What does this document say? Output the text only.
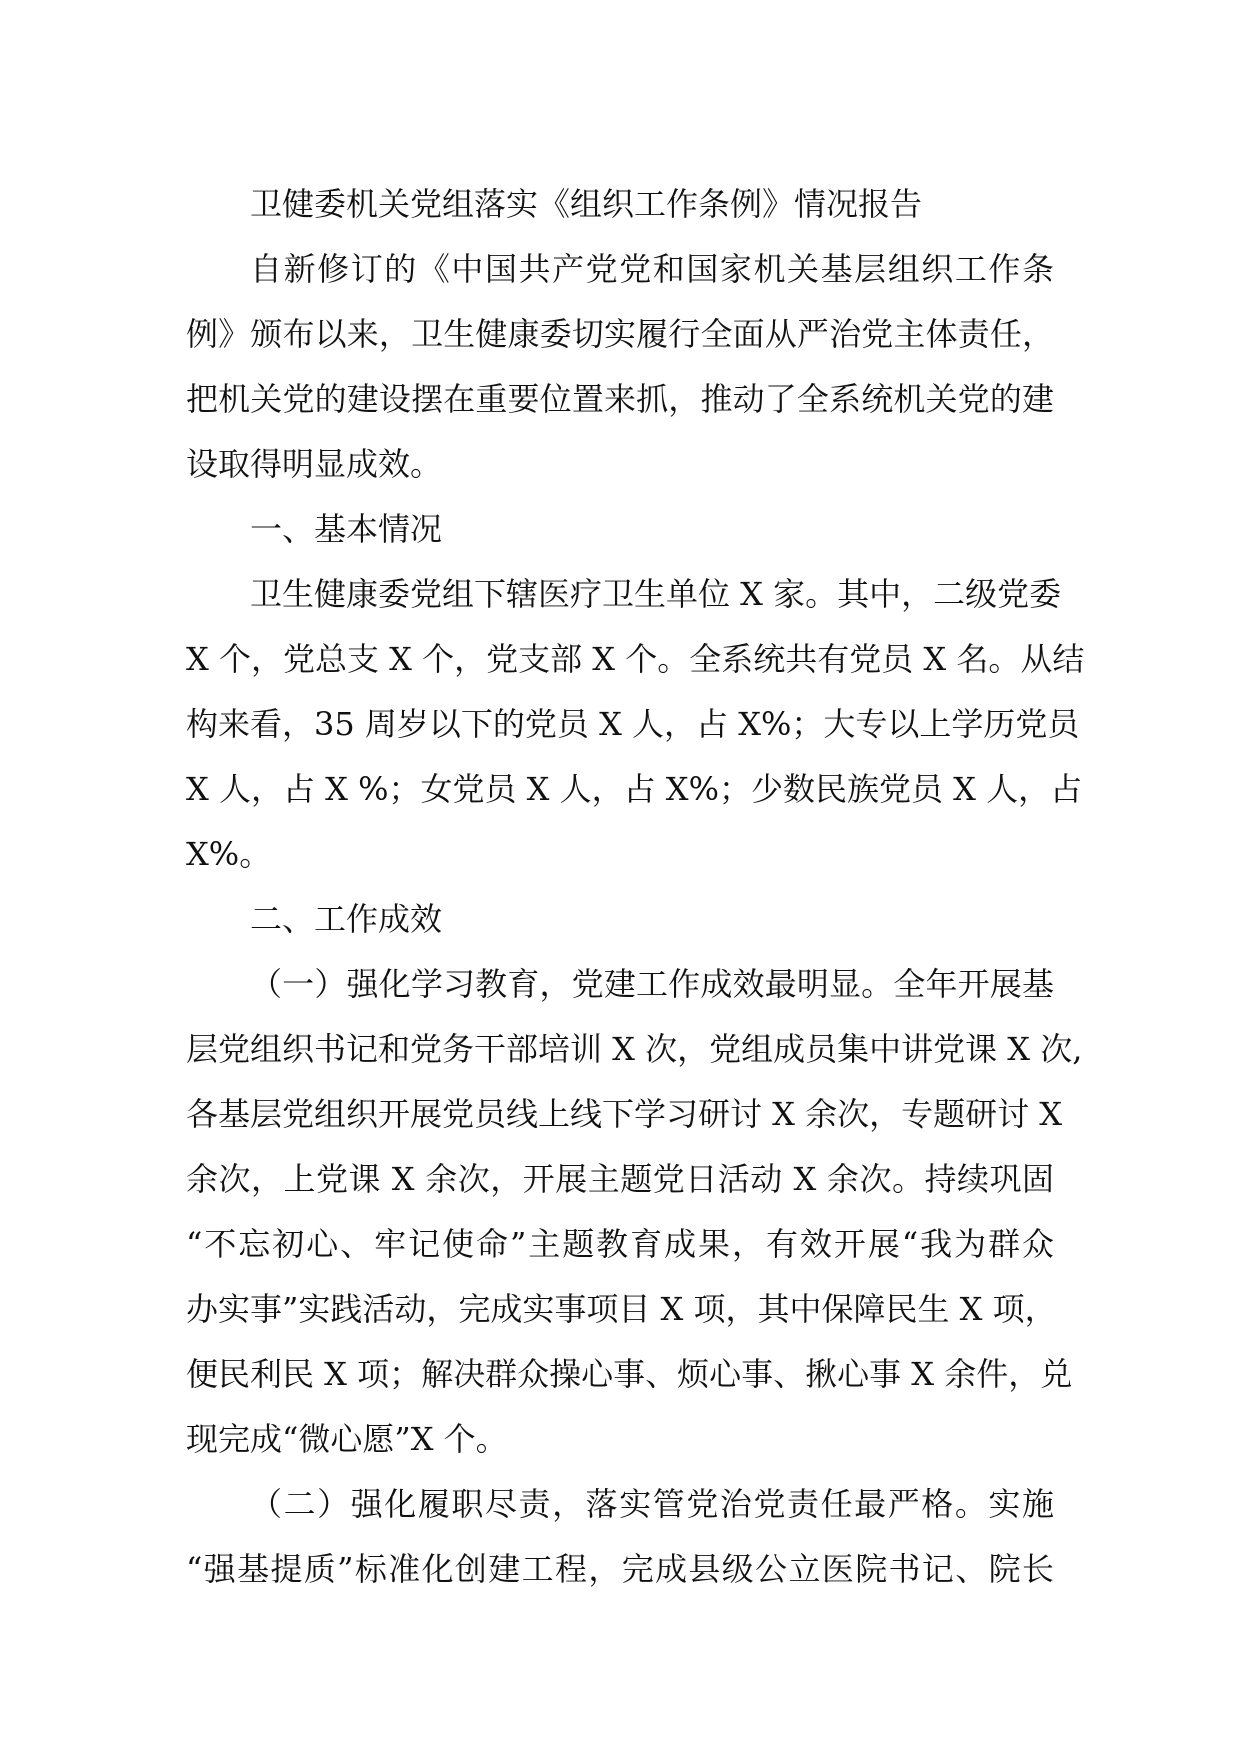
卫健委机关党组落实《组织工作条例》情况报告
自新修订的《中国共产党党和国家机关基层组织工作条
例》颁布以来，卫生健康委切实履行全面从严治党主体责任，
把机关党的建设摆在重要位置来抓，推动了全系统机关党的建
设取得明显成效。
一、基本情况
卫生健康委党组下辖医疗卫生单位 X 家。其中，二级党委
X 个，党总支 X 个，党支部 X 个。全系统共有党员 X 名。从结
构来看，35 周岁以下的党员 X 人，占 X%；大专以上学历党员
X 人，占 X %；女党员 X 人，占 X%；少数民族党员 X 人，占
X%。
二、工作成效
（一）强化学习教育，党建工作成效最明显。全年开展基
层党组织书记和党务干部培训 X 次，党组成员集中讲党课 X 次,
各基层党组织开展党员线上线下学习研讨 X 余次，专题研讨 X
余次，上党课 X 余次，开展主题党日活动 X 余次。持续巩固
“不忘初心、牢记使命”主题教育成果，有效开展“我为群众
办实事”实践活动，完成实事项目 X 项，其中保障民生 X 项，
便民利民 X 项；解决群众操心事、烦心事、揪心事 X 余件，兑
现完成“微心愿”X 个。
（二）强化履职尽责，落实管党治党责任最严格。实施
“强基提质”标准化创建工程，完成县级公立医院书记、院长
